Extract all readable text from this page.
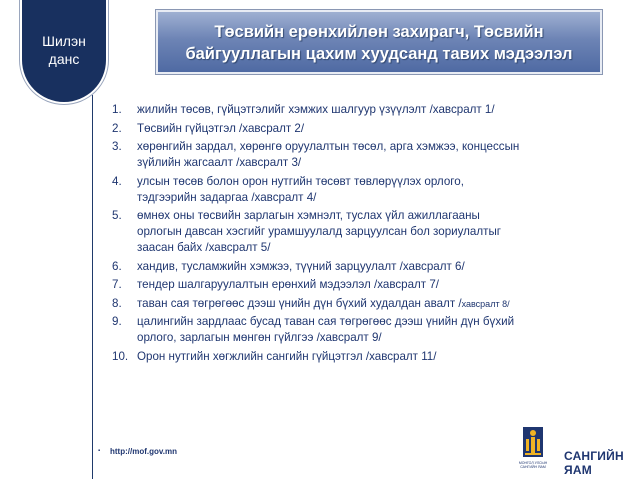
Шилэн
данс
Төсвийн ерөнхийлөн захирагч, Төсвийн
байгууллагын цахим хуудсанд тавих мэдээлэл
1.	жилийн төсөв, гүйцэтгэлийг хэмжих шалгуур үзүүлэлт /хавсралт 1/
2.	Төсвийн гүйцэтгэл /хавсралт 2/
3.	хөрөнгийн зардал, хөрөнгө оруулалтын төсөл, арга хэмжээ, концессын
зүйлийн жагсаалт /хавсралт 3/
4.	улсын төсөв болон орон нутгийн төсөвт төвлөрүүлэх орлого,
тэдгээрийн задаргаа /хавсралт 4/
5.	өмнөх оны төсвийн зарлагын хэмнэлт, туслах үйл ажиллагааны
орлогын давсан хэсгийг урамшуулалд зарцуулсан бол зориулалтыг
заасан байх /хавсралт 5/
6.	хандив, тусламжийн хэмжээ, түүний зарцуулалт /хавсралт 6/
7.	тендер шалгаруулалтын ерөнхий мэдээлэл /хавсралт 7/
8.	таван сая төгрөгөөс дээш үнийн дүн бүхий худалдан авалт /хавсралт 8/
9.	цалингийн зардлаас бусад таван сая төгрөгөөс дээш үнийн дүн бүхий
орлого, зарлагын мөнгөн гүйлгээ /хавсралт 9/
10. Орон нутгийн хөгжлийн сангийн гүйцэтгэл /хавсралт 11/
▪ http://mof.gov.mn
МОНГОЛ УЛСЫН
САНГИЙН ЯАМ
САНГИЙН ЯАМ
